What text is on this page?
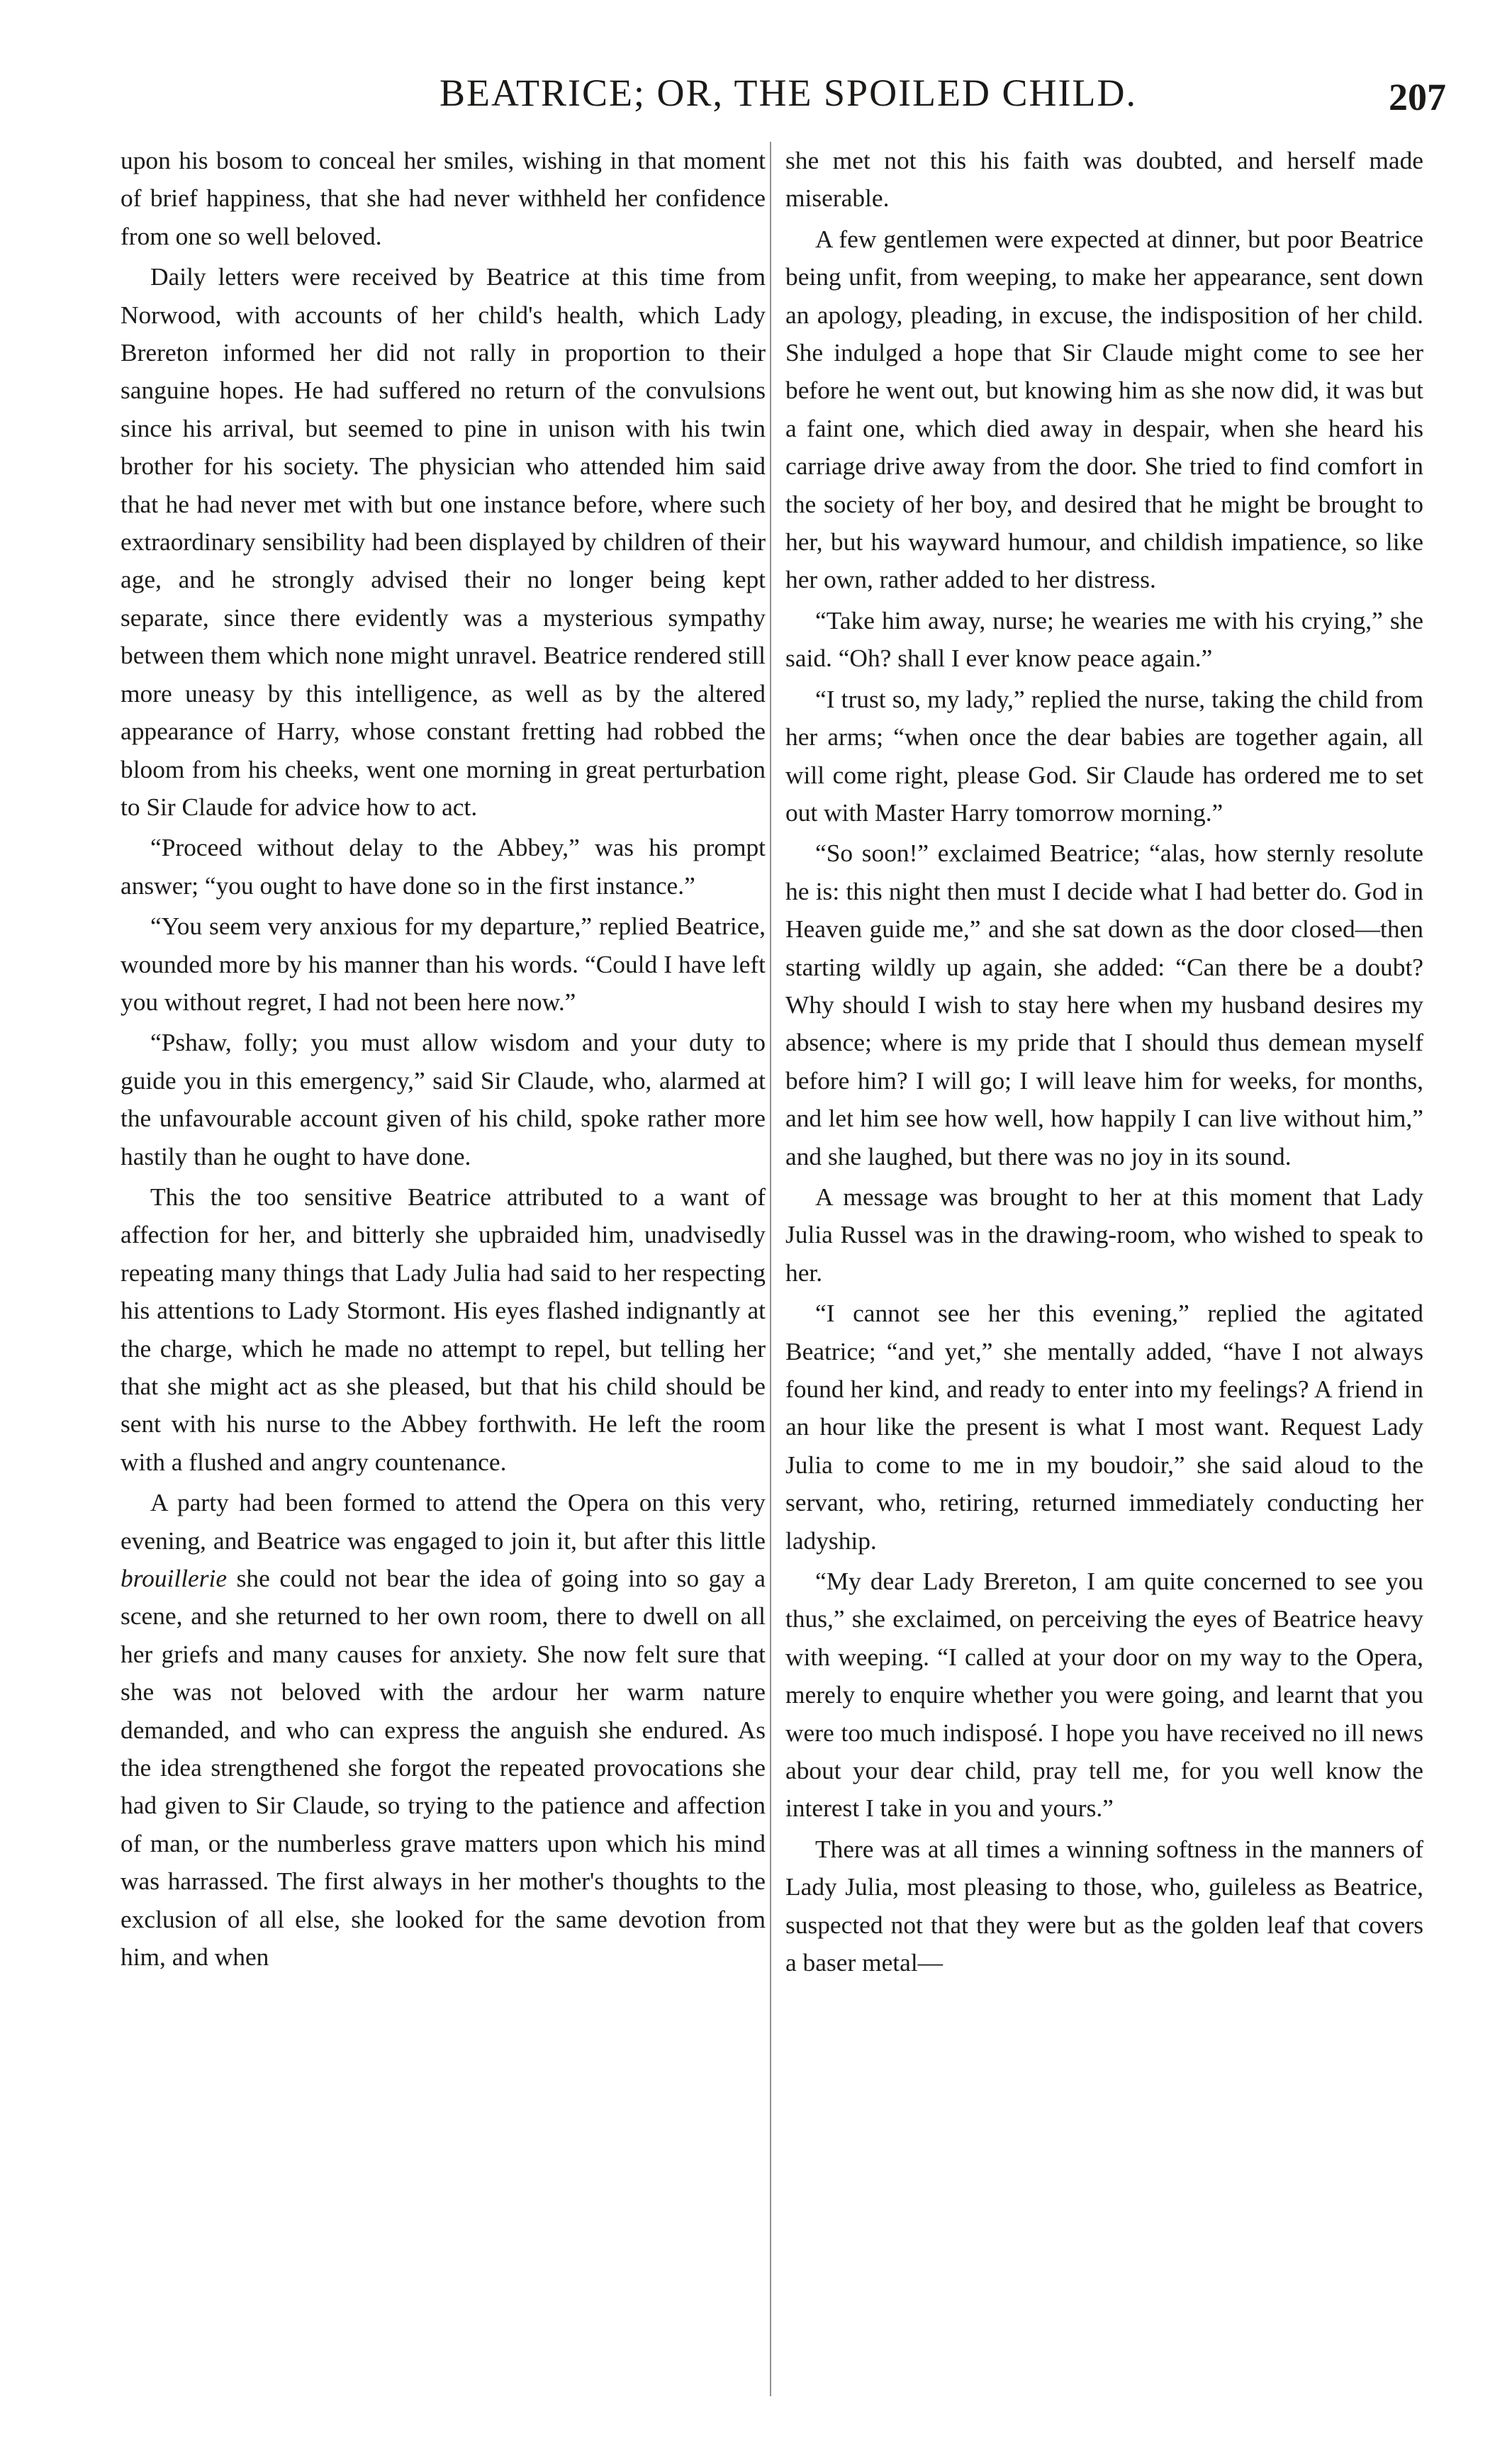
BEATRICE; OR, THE SPOILED CHILD.	207

upon his bosom to conceal her smiles, wishing in that moment of brief happiness, that she had never withheld her confidence from one so well beloved.

Daily letters were received by Beatrice at this time from Norwood, with accounts of her child's health, which Lady Brereton informed her did not rally in proportion to their sanguine hopes. He had suffered no return of the convulsions since his arrival, but seemed to pine in unison with his twin brother for his society. The physician who attended him said that he had never met with but one instance before, where such extraordinary sensibility had been displayed by children of their age, and he strongly advised their no longer being kept separate, since there evidently was a mysterious sympathy between them which none might unravel. Beatrice rendered still more uneasy by this intelligence, as well as by the altered appearance of Harry, whose constant fretting had robbed the bloom from his cheeks, went one morning in great perturbation to Sir Claude for advice how to act.

“Proceed without delay to the Abbey,” was his prompt answer; “you ought to have done so in the first instance.”

“You seem very anxious for my departure,” replied Beatrice, wounded more by his manner than his words. “Could I have left you without regret, I had not been here now.”

“Pshaw, folly; you must allow wisdom and your duty to guide you in this emergency,” said Sir Claude, who, alarmed at the unfavourable account given of his child, spoke rather more hastily than he ought to have done.

This the too sensitive Beatrice attributed to a want of affection for her, and bitterly she upbraided him, unadvisedly repeating many things that Lady Julia had said to her respecting his attentions to Lady Stormont. His eyes flashed indignantly at the charge, which he made no attempt to repel, but telling her that she might act as she pleased, but that his child should be sent with his nurse to the Abbey forthwith. He left the room with a flushed and angry countenance.

A party had been formed to attend the Opera on this very evening, and Beatrice was engaged to join it, but after this little brouillerie she could not bear the idea of going into so gay a scene, and she returned to her own room, there to dwell on all her griefs and many causes for anxiety. She now felt sure that she was not beloved with the ardour her warm nature demanded, and who can express the anguish she endured. As the idea strengthened she forgot the repeated provocations she had given to Sir Claude, so trying to the patience and affection of man, or the numberless grave matters upon which his mind was harrassed. The first always in her mother's thoughts to the exclusion of all else, she looked for the same devotion from him, and when

she met not this his faith was doubted, and herself made miserable.

A few gentlemen were expected at dinner, but poor Beatrice being unfit, from weeping, to make her appearance, sent down an apology, pleading, in excuse, the indisposition of her child. She indulged a hope that Sir Claude might come to see her before he went out, but knowing him as she now did, it was but a faint one, which died away in despair, when she heard his carriage drive away from the door. She tried to find comfort in the society of her boy, and desired that he might be brought to her, but his wayward humour, and childish impatience, so like her own, rather added to her distress.

“Take him away, nurse; he wearies me with his crying,” she said. “Oh? shall I ever know peace again.”

“I trust so, my lady,” replied the nurse, taking the child from her arms; “when once the dear babies are together again, all will come right, please God. Sir Claude has ordered me to set out with Master Harry tomorrow morning.”

“So soon!” exclaimed Beatrice; “alas, how sternly resolute he is: this night then must I decide what I had better do. God in Heaven guide me,” and she sat down as the door closed—then starting wildly up again, she added: “Can there be a doubt? Why should I wish to stay here when my husband desires my absence; where is my pride that I should thus demean myself before him? I will go; I will leave him for weeks, for months, and let him see how well, how happily I can live without him,” and she laughed, but there was no joy in its sound.

A message was brought to her at this moment that Lady Julia Russel was in the drawing-room, who wished to speak to her.

“I cannot see her this evening,” replied the agitated Beatrice; “and yet,” she mentally added, “have I not always found her kind, and ready to enter into my feelings? A friend in an hour like the present is what I most want. Request Lady Julia to come to me in my boudoir,” she said aloud to the servant, who, retiring, returned immediately conducting her ladyship.

“My dear Lady Brereton, I am quite concerned to see you thus,” she exclaimed, on perceiving the eyes of Beatrice heavy with weeping. “I called at your door on my way to the Opera, merely to enquire whether you were going, and learnt that you were too much indisposé. I hope you have received no ill news about your dear child, pray tell me, for you well know the interest I take in you and yours.”

There was at all times a winning softness in the manners of Lady Julia, most pleasing to those, who, guileless as Beatrice, suspected not that they were but as the golden leaf that covers a baser metal—
